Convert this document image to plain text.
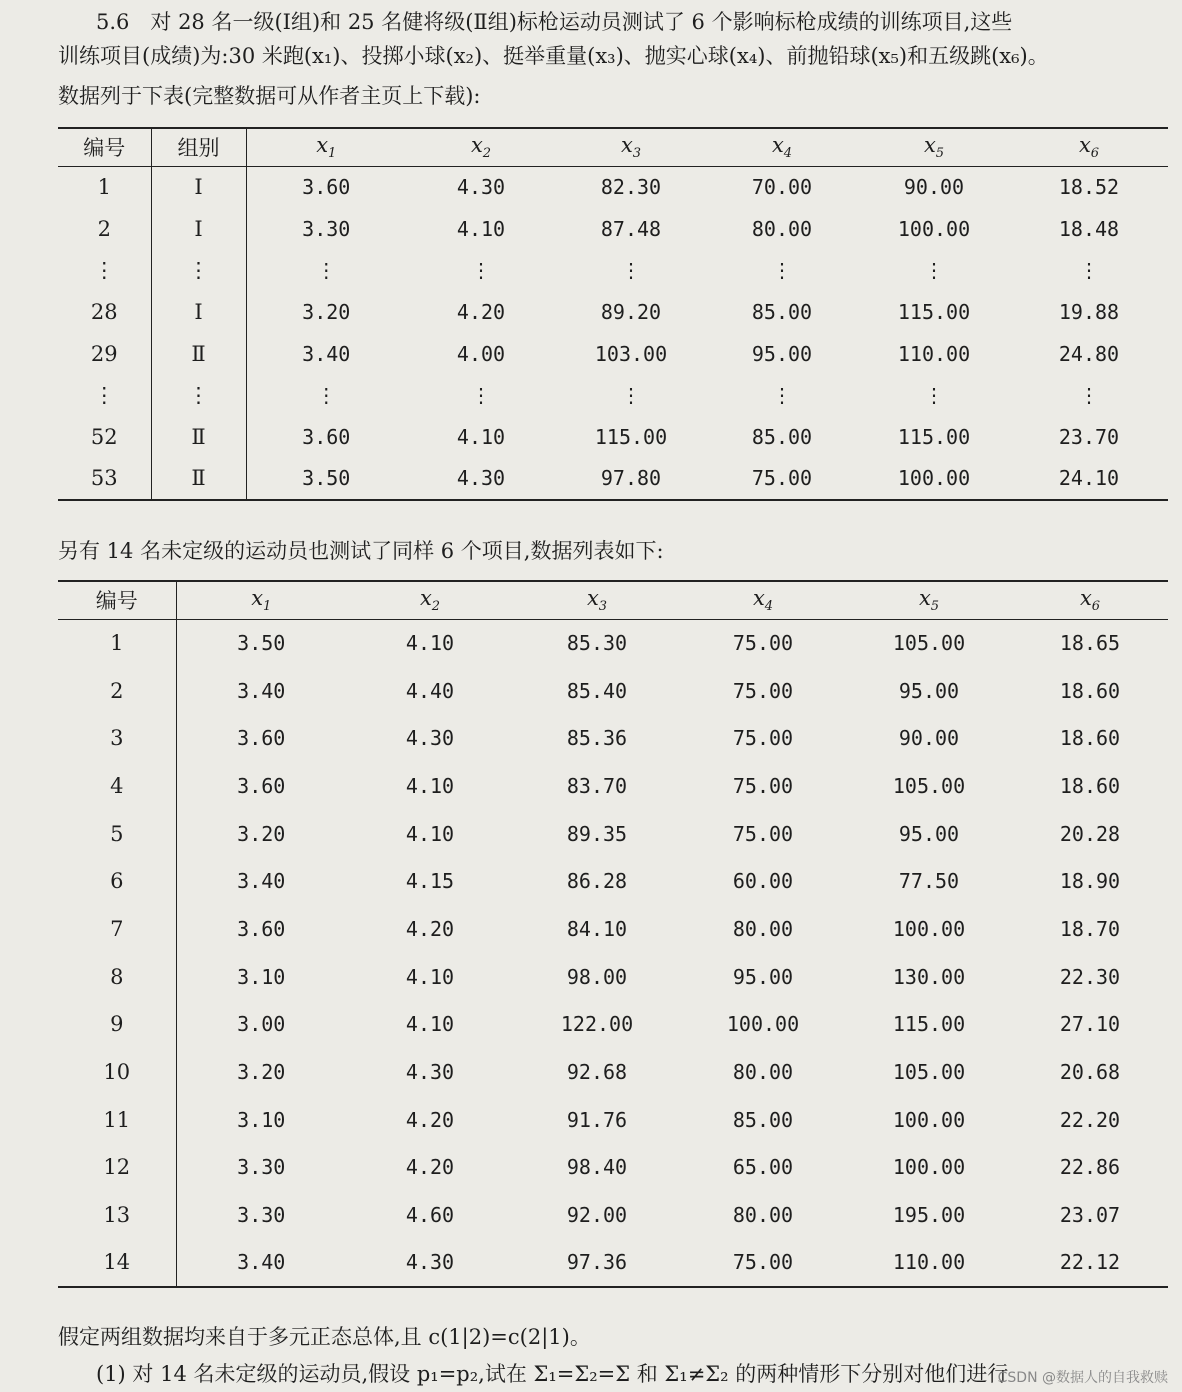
5.6　对 28 名一级(Ⅰ组)和 25 名健将级(Ⅱ组)标枪运动员测试了 6 个影响标枪成绩的训练项目,这些
训练项目(成绩)为:30 米跑(x₁)、投掷小球(x₂)、挺举重量(x₃)、抛实心球(x₄)、前抛铅球(x₅)和五级跳(x₆)。
数据列于下表(完整数据可从作者主页上下载):
编号	组别	$x_1$	$x_2$	$x_3$	$x_4$	$x_5$	$x_6$
1	Ⅰ	3.60	4.30	82.30	70.00	90.00	18.52
2	Ⅰ	3.30	4.10	87.48	80.00	100.00	18.48
⋮	⋮	⋮	⋮	⋮	⋮	⋮	⋮
28	Ⅰ	3.20	4.20	89.20	85.00	115.00	19.88
29	Ⅱ	3.40	4.00	103.00	95.00	110.00	24.80
⋮	⋮	⋮	⋮	⋮	⋮	⋮	⋮
52	Ⅱ	3.60	4.10	115.00	85.00	115.00	23.70
53	Ⅱ	3.50	4.30	97.80	75.00	100.00	24.10
另有 14 名未定级的运动员也测试了同样 6 个项目,数据列表如下:
编号	$x_1$	$x_2$	$x_3$	$x_4$	$x_5$	$x_6$
1	3.50	4.10	85.30	75.00	105.00	18.65
2	3.40	4.40	85.40	75.00	95.00	18.60
3	3.60	4.30	85.36	75.00	90.00	18.60
4	3.60	4.10	83.70	75.00	105.00	18.60
5	3.20	4.10	89.35	75.00	95.00	20.28
6	3.40	4.15	86.28	60.00	77.50	18.90
7	3.60	4.20	84.10	80.00	100.00	18.70
8	3.10	4.10	98.00	95.00	130.00	22.30
9	3.00	4.10	122.00	100.00	115.00	27.10
10	3.20	4.30	92.68	80.00	105.00	20.68
11	3.10	4.20	91.76	85.00	100.00	22.20
12	3.30	4.20	98.40	65.00	100.00	22.86
13	3.30	4.60	92.00	80.00	195.00	23.07
14	3.40	4.30	97.36	75.00	110.00	22.12
假定两组数据均来自于多元正态总体,且 c(1|2)=c(2|1)。
(1) 对 14 名未定级的运动员,假设 p₁=p₂,试在 Σ₁=Σ₂=Σ 和 Σ₁≠Σ₂ 的两种情形下分别对他们进行
CSDN @数据人的自我救赎
